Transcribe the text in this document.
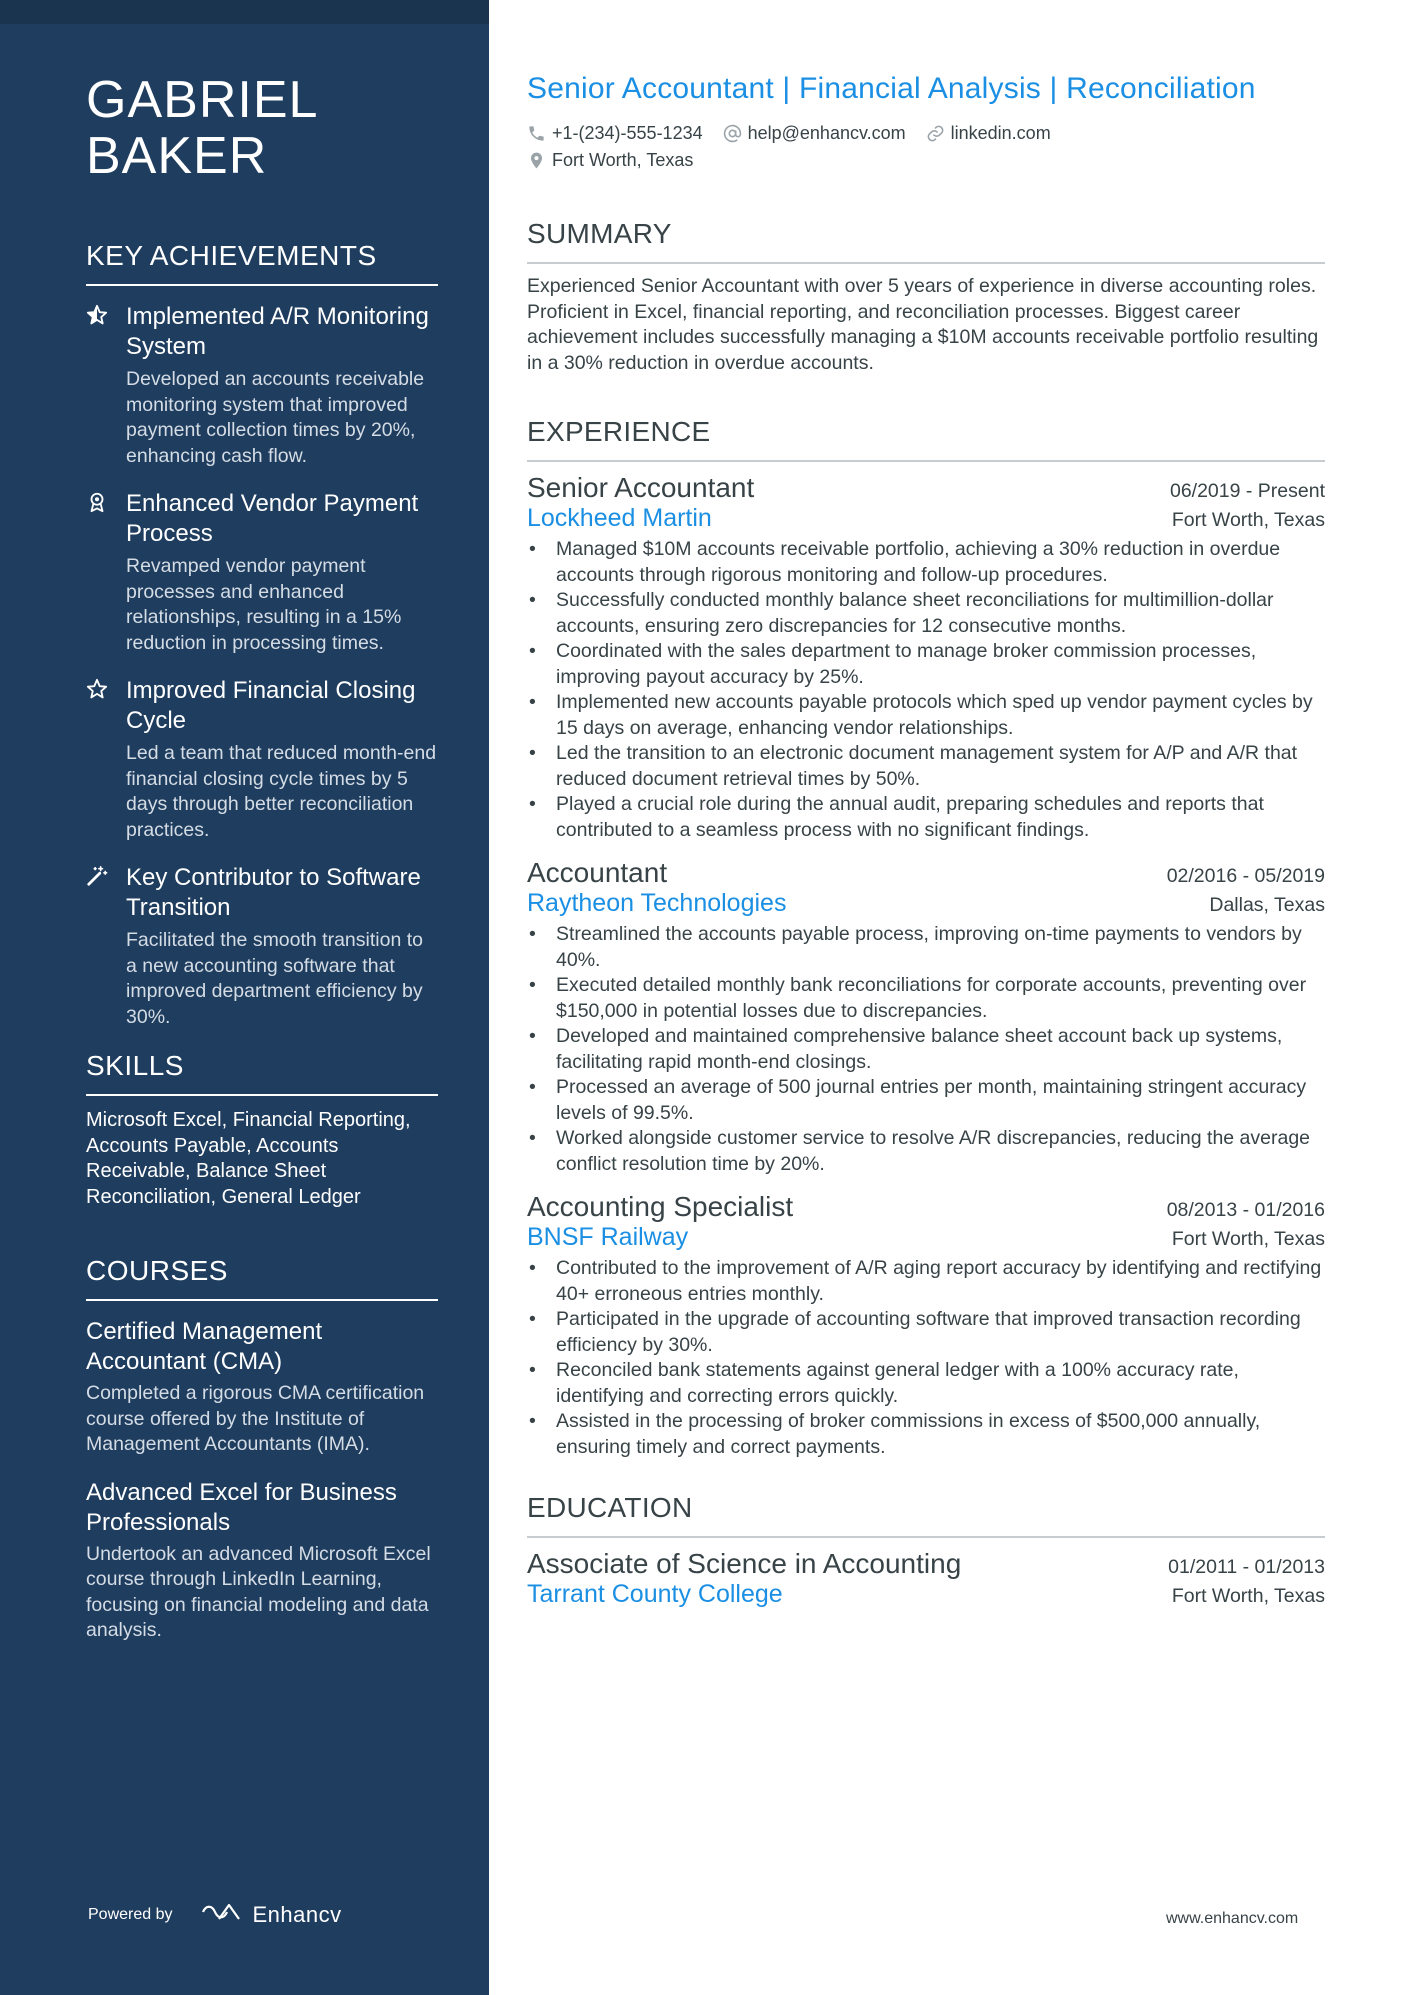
GABRIEL
BAKER
KEY ACHIEVEMENTS
Implemented A/R Monitoring System
Developed an accounts receivable monitoring system that improved payment collection times by 20%, enhancing cash flow.
Enhanced Vendor Payment Process
Revamped vendor payment processes and enhanced relationships, resulting in a 15% reduction in processing times.
Improved Financial Closing Cycle
Led a team that reduced month-end financial closing cycle times by 5 days through better reconciliation practices.
Key Contributor to Software Transition
Facilitated the smooth transition to a new accounting software that improved department efficiency by 30%.
SKILLS
Microsoft Excel, Financial Reporting, Accounts Payable, Accounts Receivable, Balance Sheet Reconciliation, General Ledger
COURSES
Certified Management Accountant (CMA)
Completed a rigorous CMA certification course offered by the Institute of Management Accountants (IMA).
Advanced Excel for Business Professionals
Undertook an advanced Microsoft Excel course through LinkedIn Learning, focusing on financial modeling and data analysis.
Powered by	Enhancv
Senior Accountant | Financial Analysis | Reconciliation
+1-(234)-555-1234	help@enhancv.com	linkedin.com
Fort Worth, Texas
SUMMARY
Experienced Senior Accountant with over 5 years of experience in diverse accounting roles. Proficient in Excel, financial reporting, and reconciliation processes. Biggest career achievement includes successfully managing a $10M accounts receivable portfolio resulting in a 30% reduction in overdue accounts.
EXPERIENCE
Senior Accountant	06/2019 - Present
Lockheed Martin	Fort Worth, Texas
• Managed $10M accounts receivable portfolio, achieving a 30% reduction in overdue accounts through rigorous monitoring and follow-up procedures.
• Successfully conducted monthly balance sheet reconciliations for multimillion-dollar accounts, ensuring zero discrepancies for 12 consecutive months.
• Coordinated with the sales department to manage broker commission processes, improving payout accuracy by 25%.
• Implemented new accounts payable protocols which sped up vendor payment cycles by 15 days on average, enhancing vendor relationships.
• Led the transition to an electronic document management system for A/P and A/R that reduced document retrieval times by 50%.
• Played a crucial role during the annual audit, preparing schedules and reports that contributed to a seamless process with no significant findings.
Accountant	02/2016 - 05/2019
Raytheon Technologies	Dallas, Texas
• Streamlined the accounts payable process, improving on-time payments to vendors by 40%.
• Executed detailed monthly bank reconciliations for corporate accounts, preventing over $150,000 in potential losses due to discrepancies.
• Developed and maintained comprehensive balance sheet account back up systems, facilitating rapid month-end closings.
• Processed an average of 500 journal entries per month, maintaining stringent accuracy levels of 99.5%.
• Worked alongside customer service to resolve A/R discrepancies, reducing the average conflict resolution time by 20%.
Accounting Specialist	08/2013 - 01/2016
BNSF Railway	Fort Worth, Texas
• Contributed to the improvement of A/R aging report accuracy by identifying and rectifying 40+ erroneous entries monthly.
• Participated in the upgrade of accounting software that improved transaction recording efficiency by 30%.
• Reconciled bank statements against general ledger with a 100% accuracy rate, identifying and correcting errors quickly.
• Assisted in the processing of broker commissions in excess of $500,000 annually, ensuring timely and correct payments.
EDUCATION
Associate of Science in Accounting	01/2011 - 01/2013
Tarrant County College	Fort Worth, Texas
www.enhancv.com
